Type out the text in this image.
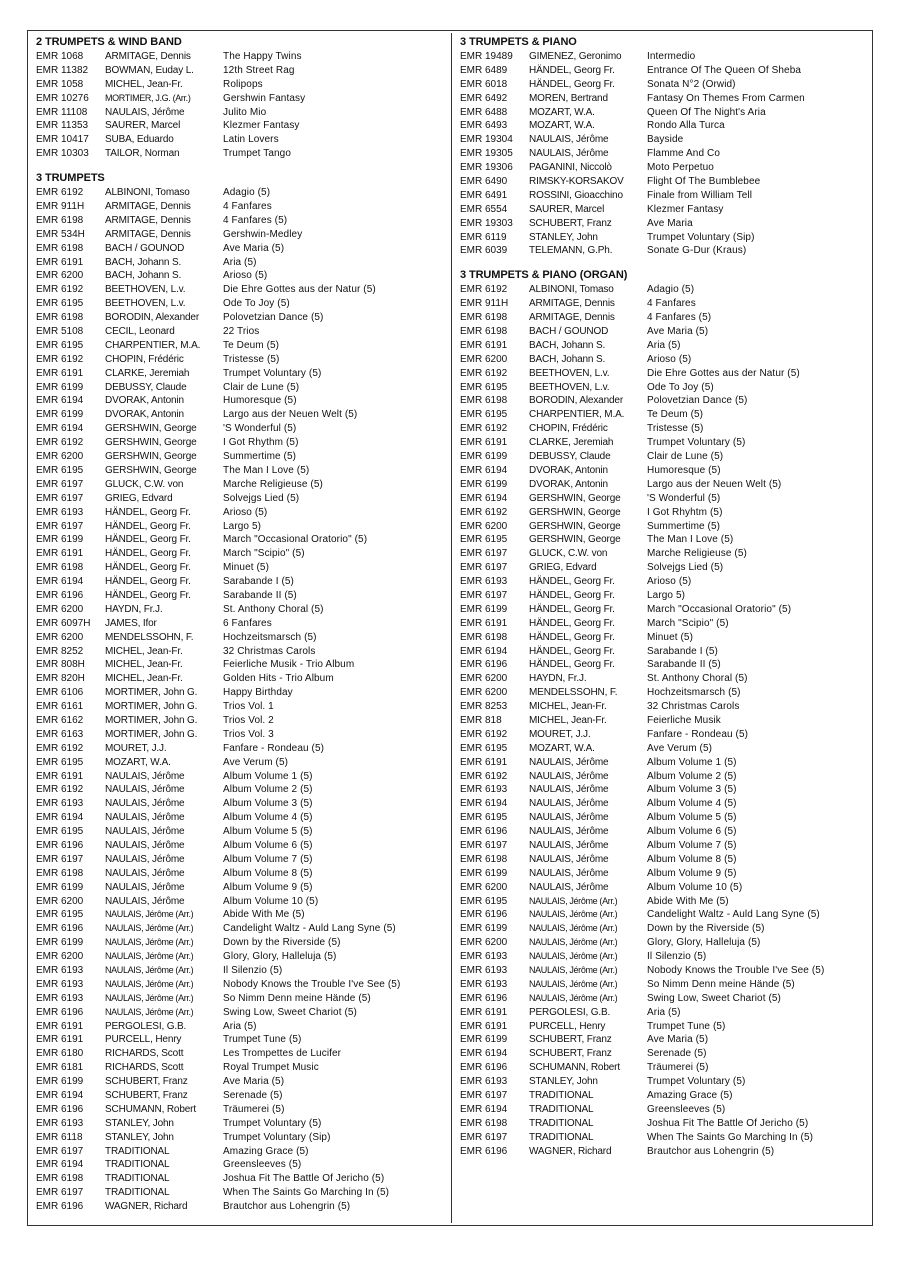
2 TRUMPETS & WIND BAND
EMR 1068	ARMITAGE, Dennis	The Happy Twins
EMR 11382	BOWMAN, Euday L.	12th Street Rag
EMR 1058	MICHEL, Jean-Fr.	Rolipops
EMR 10276	MORTIMER, J.G. (Arr.)	Gershwin Fantasy
EMR 11108	NAULAIS, Jérôme	Julito Mio
EMR 11353	SAURER, Marcel	Klezmer Fantasy
EMR 10417	SUBA, Eduardo	Latin Lovers
EMR 10303	TAILOR, Norman	Trumpet Tango
3 TRUMPETS
EMR 6192	ALBINONI, Tomaso	Adagio (5)
EMR 911H	ARMITAGE, Dennis	4 Fanfares
EMR 6198	ARMITAGE, Dennis	4 Fanfares (5)
EMR 534H	ARMITAGE, Dennis	Gershwin-Medley
EMR 6198	BACH / GOUNOD	Ave Maria (5)
EMR 6191	BACH, Johann S.	Aria (5)
EMR 6200	BACH, Johann S.	Arioso (5)
EMR 6192	BEETHOVEN, L.v.	Die Ehre Gottes aus der Natur (5)
EMR 6195	BEETHOVEN, L.v.	Ode To Joy (5)
EMR 6198	BORODIN, Alexander	Polovetzian Dance (5)
EMR 5108	CECIL, Leonard	22 Trios
EMR 6195	CHARPENTIER, M.A.	Te Deum (5)
EMR 6192	CHOPIN, Frédéric	Tristesse (5)
EMR 6191	CLARKE, Jeremiah	Trumpet Voluntary (5)
EMR 6199	DEBUSSY, Claude	Clair de Lune (5)
EMR 6194	DVORAK, Antonin	Humoresque (5)
EMR 6199	DVORAK, Antonin	Largo aus der Neuen Welt (5)
EMR 6194	GERSHWIN, George	'S Wonderful (5)
EMR 6192	GERSHWIN, George	I Got Rhythm (5)
EMR 6200	GERSHWIN, George	Summertime (5)
EMR 6195	GERSHWIN, George	The Man I Love (5)
EMR 6197	GLUCK, C.W. von	Marche Religieuse (5)
EMR 6197	GRIEG, Edvard	Solvejgs Lied (5)
EMR 6193	HÄNDEL, Georg Fr.	Arioso (5)
EMR 6197	HÄNDEL, Georg Fr.	Largo 5)
EMR 6199	HÄNDEL, Georg Fr.	March "Occasional Oratorio" (5)
EMR 6191	HÄNDEL, Georg Fr.	March "Scipio" (5)
EMR 6198	HÄNDEL, Georg Fr.	Minuet (5)
EMR 6194	HÄNDEL, Georg Fr.	Sarabande I (5)
EMR 6196	HÄNDEL, Georg Fr.	Sarabande II (5)
EMR 6200	HAYDN, Fr.J.	St. Anthony Choral (5)
EMR 6097H	JAMES, Ifor	6 Fanfares
EMR 6200	MENDELSSOHN, F.	Hochzeitsmarsch (5)
EMR 8252	MICHEL, Jean-Fr.	32 Christmas Carols
EMR 808H	MICHEL, Jean-Fr.	Feierliche Musik - Trio Album
EMR 820H	MICHEL, Jean-Fr.	Golden Hits - Trio Album
EMR 6106	MORTIMER, John G.	Happy Birthday
EMR 6161	MORTIMER, John G.	Trios Vol. 1
EMR 6162	MORTIMER, John G.	Trios Vol. 2
EMR 6163	MORTIMER, John G.	Trios Vol. 3
EMR 6192	MOURET, J.J.	Fanfare - Rondeau (5)
EMR 6195	MOZART, W.A.	Ave Verum (5)
EMR 6191	NAULAIS, Jérôme	Album Volume 1 (5)
EMR 6192	NAULAIS, Jérôme	Album Volume 2 (5)
EMR 6193	NAULAIS, Jérôme	Album Volume 3 (5)
EMR 6194	NAULAIS, Jérôme	Album Volume 4 (5)
EMR 6195	NAULAIS, Jérôme	Album Volume 5 (5)
EMR 6196	NAULAIS, Jérôme	Album Volume 6 (5)
EMR 6197	NAULAIS, Jérôme	Album Volume 7 (5)
EMR 6198	NAULAIS, Jérôme	Album Volume 8 (5)
EMR 6199	NAULAIS, Jérôme	Album Volume 9 (5)
EMR 6200	NAULAIS, Jérôme	Album Volume 10 (5)
EMR 6195	NAULAIS, Jérôme (Arr.)	Abide With Me (5)
EMR 6196	NAULAIS, Jérôme (Arr.)	Candelight Waltz - Auld Lang Syne (5)
EMR 6199	NAULAIS, Jérôme (Arr.)	Down by the Riverside (5)
EMR 6200	NAULAIS, Jérôme (Arr.)	Glory, Glory, Halleluja (5)
EMR 6193	NAULAIS, Jérôme (Arr.)	Il Silenzio (5)
EMR 6193	NAULAIS, Jérôme (Arr.)	Nobody Knows the Trouble I've See (5)
EMR 6193	NAULAIS, Jérôme (Arr.)	So Nimm Denn meine Hände (5)
EMR 6196	NAULAIS, Jérôme (Arr.)	Swing Low, Sweet Chariot (5)
EMR 6191	PERGOLESI, G.B.	Aria (5)
EMR 6191	PURCELL, Henry	Trumpet Tune (5)
EMR 6180	RICHARDS, Scott	Les Trompettes de Lucifer
EMR 6181	RICHARDS, Scott	Royal Trumpet Music
EMR 6199	SCHUBERT, Franz	Ave Maria (5)
EMR 6194	SCHUBERT, Franz	Serenade (5)
EMR 6196	SCHUMANN, Robert	Träumerei (5)
EMR 6193	STANLEY, John	Trumpet Voluntary (5)
EMR 6118	STANLEY, John	Trumpet Voluntary (Sip)
EMR 6197	TRADITIONAL	Amazing Grace (5)
EMR 6194	TRADITIONAL	Greensleeves (5)
EMR 6198	TRADITIONAL	Joshua Fit The Battle Of Jericho (5)
EMR 6197	TRADITIONAL	When The Saints Go Marching In (5)
EMR 6196	WAGNER, Richard	Brautchor aus Lohengrin (5)
3 TRUMPETS & PIANO
EMR 19489	GIMENEZ, Geronimo	Intermedio
EMR 6489	HÄNDEL, Georg Fr.	Entrance Of The Queen Of Sheba
EMR 6018	HÄNDEL, Georg Fr.	Sonata N°2 (Orwid)
EMR 6492	MOREN, Bertrand	Fantasy On Themes From Carmen
EMR 6488	MOZART, W.A.	Queen Of The Night's Aria
EMR 6493	MOZART, W.A.	Rondo Alla Turca
EMR 19304	NAULAIS, Jérôme	Bayside
EMR 19305	NAULAIS, Jérôme	Flamme And Co
EMR 19306	PAGANINI, Niccolò	Moto Perpetuo
EMR 6490	RIMSKY-KORSAKOV	Flight Of The Bumblebee
EMR 6491	ROSSINI, Gioacchino	Finale from William Tell
EMR 6554	SAURER, Marcel	Klezmer Fantasy
EMR 19303	SCHUBERT, Franz	Ave Maria
EMR 6119	STANLEY, John	Trumpet Voluntary (Sip)
EMR 6039	TELEMANN, G.Ph.	Sonate G-Dur (Kraus)
3 TRUMPETS & PIANO (ORGAN)
EMR 6192	ALBINONI, Tomaso	Adagio (5)
EMR 911H	ARMITAGE, Dennis	4 Fanfares
EMR 6198	ARMITAGE, Dennis	4 Fanfares (5)
EMR 6198	BACH / GOUNOD	Ave Maria (5)
EMR 6191	BACH, Johann S.	Aria (5)
EMR 6200	BACH, Johann S.	Arioso (5)
EMR 6192	BEETHOVEN, L.v.	Die Ehre Gottes aus der Natur (5)
EMR 6195	BEETHOVEN, L.v.	Ode To Joy (5)
EMR 6198	BORODIN, Alexander	Polovetzian Dance (5)
EMR 6195	CHARPENTIER, M.A.	Te Deum (5)
EMR 6192	CHOPIN, Frédéric	Tristesse (5)
EMR 6191	CLARKE, Jeremiah	Trumpet Voluntary (5)
EMR 6199	DEBUSSY, Claude	Clair de Lune (5)
EMR 6194	DVORAK, Antonin	Humoresque (5)
EMR 6199	DVORAK, Antonin	Largo aus der Neuen Welt (5)
EMR 6194	GERSHWIN, George	'S Wonderful (5)
EMR 6192	GERSHWIN, George	I Got Rhyhtm (5)
EMR 6200	GERSHWIN, George	Summertime (5)
EMR 6195	GERSHWIN, George	The Man I Love (5)
EMR 6197	GLUCK, C.W. von	Marche Religieuse (5)
EMR 6197	GRIEG, Edvard	Solvejgs Lied (5)
EMR 6193	HÄNDEL, Georg Fr.	Arioso (5)
EMR 6197	HÄNDEL, Georg Fr.	Largo 5)
EMR 6199	HÄNDEL, Georg Fr.	March "Occasional Oratorio" (5)
EMR 6191	HÄNDEL, Georg Fr.	March "Scipio" (5)
EMR 6198	HÄNDEL, Georg Fr.	Minuet (5)
EMR 6194	HÄNDEL, Georg Fr.	Sarabande I (5)
EMR 6196	HÄNDEL, Georg Fr.	Sarabande II (5)
EMR 6200	HAYDN, Fr.J.	St. Anthony Choral (5)
EMR 6200	MENDELSSOHN, F.	Hochzeitsmarsch (5)
EMR 8253	MICHEL, Jean-Fr.	32 Christmas Carols
EMR 818	MICHEL, Jean-Fr.	Feierliche Musik
EMR 6192	MOURET, J.J.	Fanfare - Rondeau (5)
EMR 6195	MOZART, W.A.	Ave Verum (5)
EMR 6191	NAULAIS, Jérôme	Album Volume 1 (5)
EMR 6192	NAULAIS, Jérôme	Album Volume 2 (5)
EMR 6193	NAULAIS, Jérôme	Album Volume 3 (5)
EMR 6194	NAULAIS, Jérôme	Album Volume 4 (5)
EMR 6195	NAULAIS, Jérôme	Album Volume 5 (5)
EMR 6196	NAULAIS, Jérôme	Album Volume 6 (5)
EMR 6197	NAULAIS, Jérôme	Album Volume 7 (5)
EMR 6198	NAULAIS, Jérôme	Album Volume 8 (5)
EMR 6199	NAULAIS, Jérôme	Album Volume 9 (5)
EMR 6200	NAULAIS, Jérôme	Album Volume 10 (5)
EMR 6195	NAULAIS, Jérôme (Arr.)	Abide With Me (5)
EMR 6196	NAULAIS, Jérôme (Arr.)	Candelight Waltz - Auld Lang Syne (5)
EMR 6199	NAULAIS, Jérôme (Arr.)	Down by the Riverside (5)
EMR 6200	NAULAIS, Jérôme (Arr.)	Glory, Glory, Halleluja (5)
EMR 6193	NAULAIS, Jérôme (Arr.)	Il Silenzio (5)
EMR 6193	NAULAIS, Jérôme (Arr.)	Nobody Knows the Trouble I've See (5)
EMR 6193	NAULAIS, Jérôme (Arr.)	So Nimm Denn meine Hände (5)
EMR 6196	NAULAIS, Jérôme (Arr.)	Swing Low, Sweet Chariot (5)
EMR 6191	PERGOLESI, G.B.	Aria (5)
EMR 6191	PURCELL, Henry	Trumpet Tune (5)
EMR 6199	SCHUBERT, Franz	Ave Maria (5)
EMR 6194	SCHUBERT, Franz	Serenade (5)
EMR 6196	SCHUMANN, Robert	Träumerei (5)
EMR 6193	STANLEY, John	Trumpet Voluntary (5)
EMR 6197	TRADITIONAL	Amazing Grace (5)
EMR 6194	TRADITIONAL	Greensleeves (5)
EMR 6198	TRADITIONAL	Joshua Fit The Battle Of Jericho (5)
EMR 6197	TRADITIONAL	When The Saints Go Marching In (5)
EMR 6196	WAGNER, Richard	Brautchor aus Lohengrin (5)
